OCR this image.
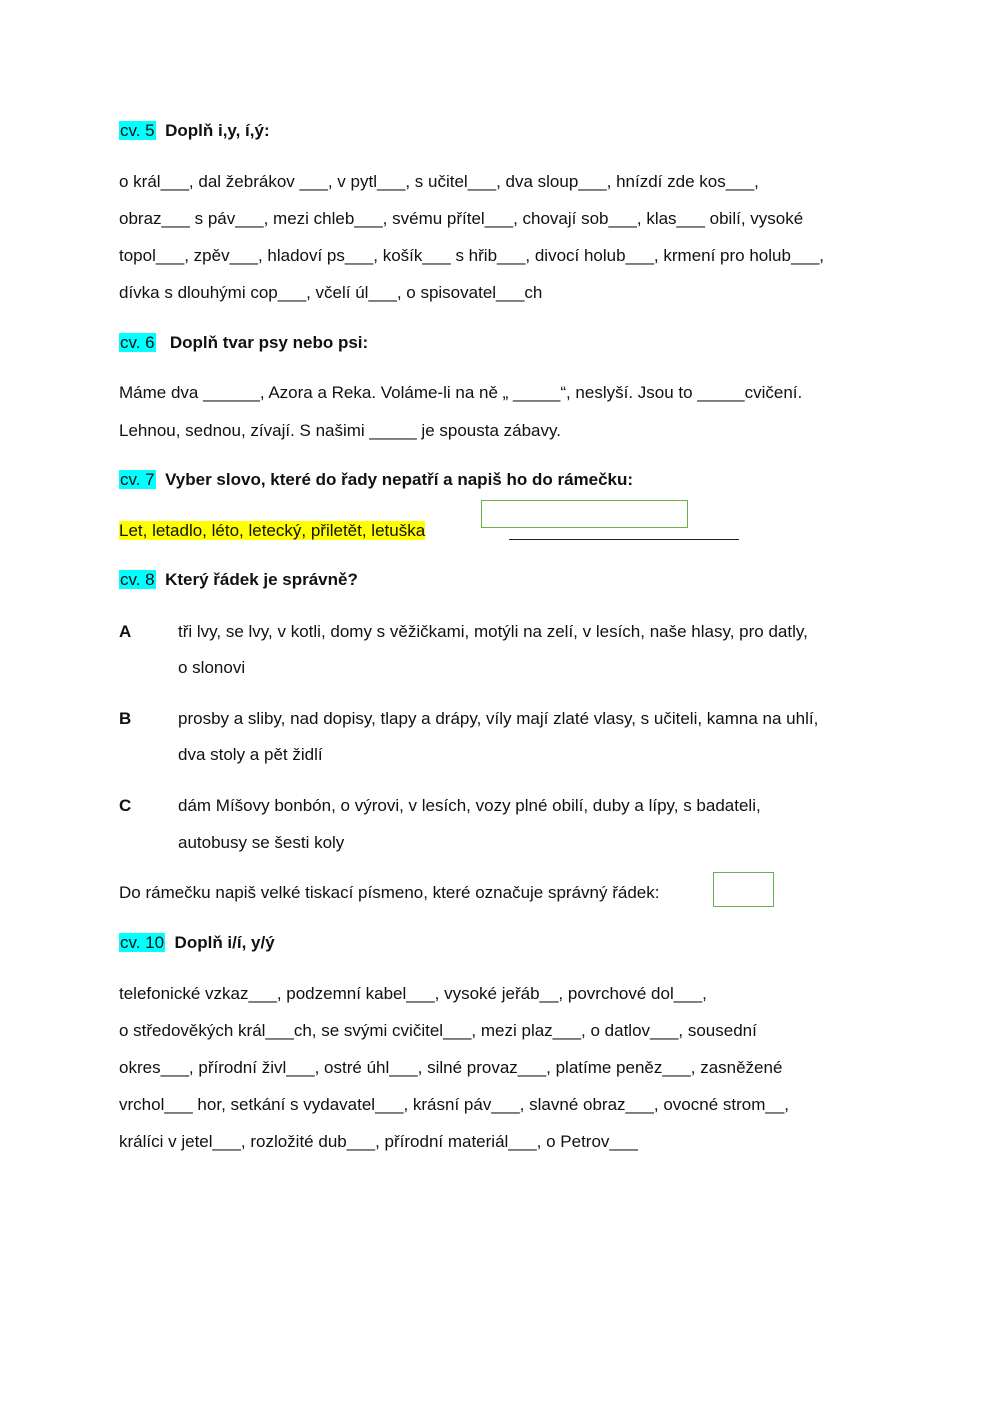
cv. 5 Doplň i,y, í,ý:
o král___, dal žebrákov ___, v pytl___, s učitel___, dva sloup___, hnízdí zde kos___,
obraz___ s páv___, mezi chleb___, svému přítel___, chovají sob___, klas___ obilí, vysoké
topol___, zpěv___, hladoví ps___, košík___ s hřib___, divocí holub___, krmení pro holub___,
dívka s dlouhými cop___, včelí úl___, o spisovatel___ch
cv. 6 Doplň tvar psy nebo psi:
Máme dva ______, Azora a Reka. Voláme-li na ně „ _____“, neslyší. Jsou to _____cvičení.
Lehnou, sednou, zívají. S našimi _____ je spousta zábavy.
cv. 7 Vyber slovo, které do řady nepatří a napiš ho do rámečku:
Let, letadlo, léto, letecký, přiletět, letuška
cv. 8 Který řádek je správně?
A	tři lvy, se lvy, v kotli, domy s věžičkami, motýli na zelí, v lesích, naše hlasy, pro datly,
o slonovi
B	prosby a sliby, nad dopisy, tlapy a drápy, víly mají zlaté vlasy, s učiteli, kamna na uhlí,
dva stoly a pět židlí
C	dám Míšovy bonbón, o výrovi, v lesích, vozy plné obilí, duby a lípy, s badateli,
autobusy se šesti koly
Do rámečku napiš velké tiskací písmeno, které označuje správný řádek:
cv. 10 Doplň i/í, y/ý
telefonické vzkaz___, podzemní kabel___, vysoké jeřáb__, povrchové dol___,
o středověkých král___ch, se svými cvičitel___, mezi plaz___, o datlov___, sousední
okres___, přírodní živl___, ostré úhl___, silné provaz___, platíme peněz___, zasněžené
vrchol___ hor, setkání s vydavatel___, krásní páv___, slavné obraz___, ovocné strom__,
králíci v jetel___, rozložité dub___, přírodní materiál___, o Petrov___
